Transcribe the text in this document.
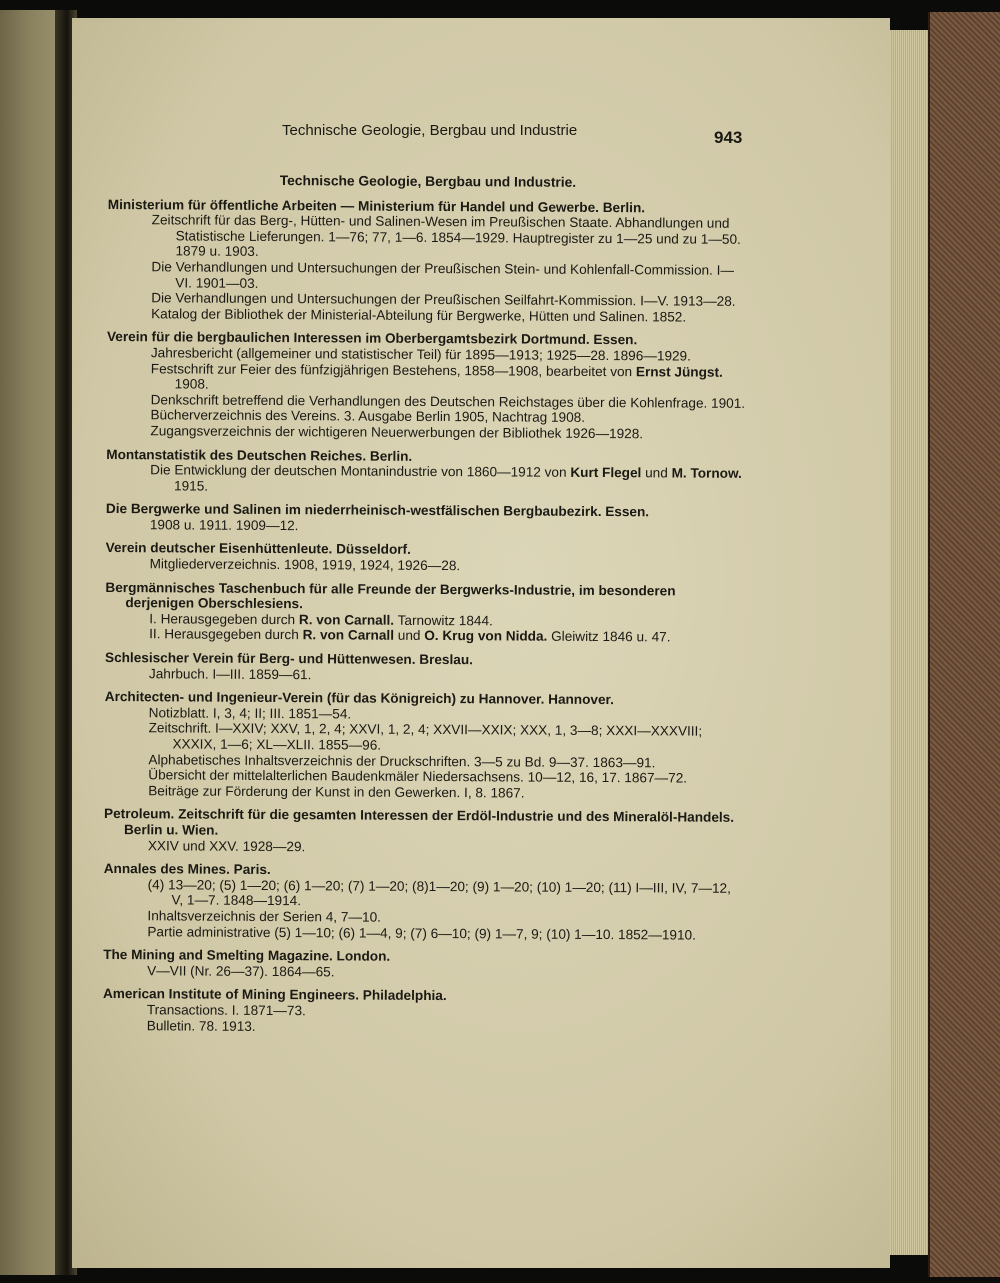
Technische Geologie, Bergbau und Industrie	943
Technische Geologie, Bergbau und Industrie.
Ministerium für öffentliche Arbeiten — Ministerium für Handel und Gewerbe. Berlin.
Zeitschrift für das Berg-, Hütten- und Salinen-Wesen im Preußischen Staate. Abhandlungen und Statistische Lieferungen. 1—76; 77, 1—6. 1854—1929. Hauptregister zu 1—25 und zu 1—50. 1879 u. 1903.
Die Verhandlungen und Untersuchungen der Preußischen Stein- und Kohlenfall-Commission. I—VI. 1901—03.
Die Verhandlungen und Untersuchungen der Preußischen Seilfahrt-Kommission. I—V. 1913—28.
Katalog der Bibliothek der Ministerial-Abteilung für Bergwerke, Hütten und Salinen. 1852.
Verein für die bergbaulichen Interessen im Oberbergamtsbezirk Dortmund. Essen.
Jahresbericht (allgemeiner und statistischer Teil) für 1895—1913; 1925—28. 1896—1929.
Festschrift zur Feier des fünfzigjährigen Bestehens, 1858—1908, bearbeitet von Ernst Jüngst. 1908.
Denkschrift betreffend die Verhandlungen des Deutschen Reichstages über die Kohlenfrage. 1901.
Bücherverzeichnis des Vereins. 3. Ausgabe Berlin 1905, Nachtrag 1908.
Zugangsverzeichnis der wichtigeren Neuerwerbungen der Bibliothek 1926—1928.
Montanstatistik des Deutschen Reiches. Berlin.
Die Entwicklung der deutschen Montanindustrie von 1860—1912 von Kurt Flegel und M. Tornow. 1915.
Die Bergwerke und Salinen im niederrheinisch-westfälischen Bergbaubezirk. Essen.
1908 u. 1911. 1909—12.
Verein deutscher Eisenhüttenleute. Düsseldorf.
Mitgliederverzeichnis. 1908, 1919, 1924, 1926—28.
Bergmännisches Taschenbuch für alle Freunde der Bergwerks-Industrie, im besonderen derjenigen Oberschlesiens.
I. Herausgegeben durch R. von Carnall. Tarnowitz 1844.
II. Herausgegeben durch R. von Carnall und O. Krug von Nidda. Gleiwitz 1846 u. 47.
Schlesischer Verein für Berg- und Hüttenwesen. Breslau.
Jahrbuch. I—III. 1859—61.
Architecten- und Ingenieur-Verein (für das Königreich) zu Hannover. Hannover.
Notizblatt. I, 3, 4; II; III. 1851—54.
Zeitschrift. I—XXIV; XXV, 1, 2, 4; XXVI, 1, 2, 4; XXVII—XXIX; XXX, 1, 3—8; XXXI—XXXVIII; XXXIX, 1—6; XL—XLII. 1855—96.
Alphabetisches Inhaltsverzeichnis der Druckschriften. 3—5 zu Bd. 9—37. 1863—91.
Übersicht der mittelalterlichen Baudenkmäler Niedersachsens. 10—12, 16, 17. 1867—72.
Beiträge zur Förderung der Kunst in den Gewerken. I, 8. 1867.
Petroleum. Zeitschrift für die gesamten Interessen der Erdöl-Industrie und des Mineralöl-Handels. Berlin u. Wien.
XXIV und XXV. 1928—29.
Annales des Mines. Paris.
(4) 13—20; (5) 1—20; (6) 1—20; (7) 1—20; (8)1—20; (9) 1—20; (10) 1—20; (11) I—III, IV, 7—12, V, 1—7. 1848—1914.
Inhaltsverzeichnis der Serien 4, 7—10.
Partie administrative (5) 1—10; (6) 1—4, 9; (7) 6—10; (9) 1—7, 9; (10) 1—10. 1852—1910.
The Mining and Smelting Magazine. London.
V—VII (Nr. 26—37). 1864—65.
American Institute of Mining Engineers. Philadelphia.
Transactions. I. 1871—73.
Bulletin. 78. 1913.
